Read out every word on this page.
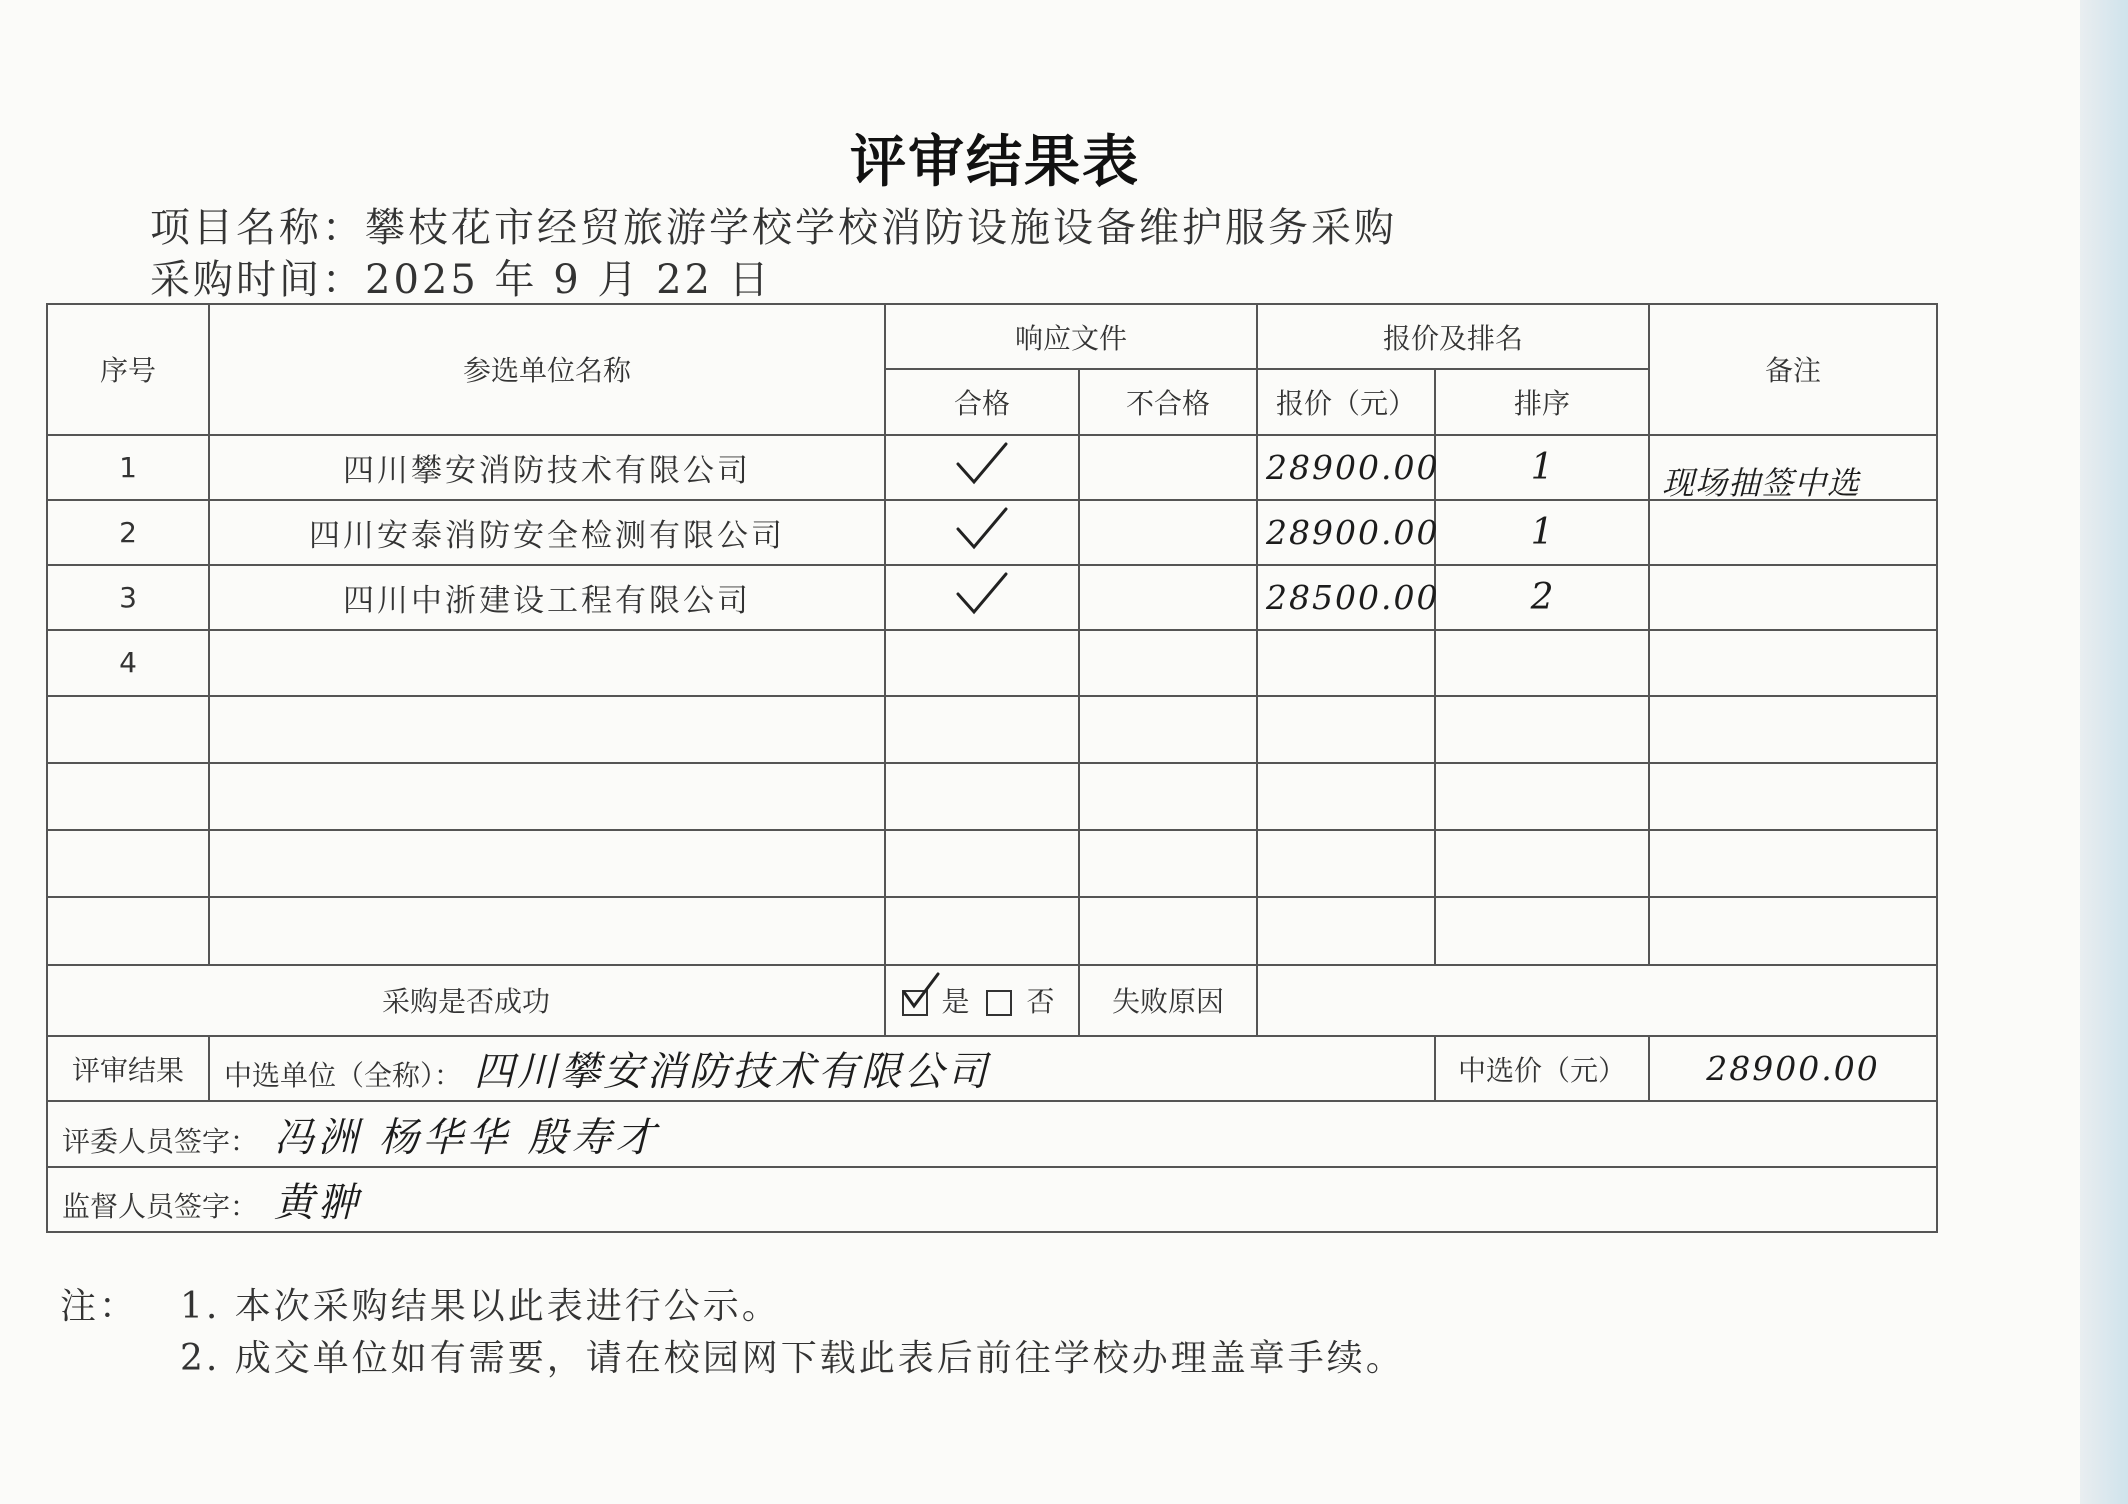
评审结果表
项目名称：攀枝花市经贸旅游学校学校消防设施设备维护服务采购
采购时间：2025 年 9 月 22 日
序号	参选单位名称	响应文件		报价及排名		备注
		合格	不合格	报价（元）	排序	
1	四川攀安消防技术有限公司			28900.00	1	现场抽签中选

2	四川安泰消防安全检测有限公司			28900.00	1	
3	四川中浙建设工程有限公司			28500.00	2	
4						

采购是否成功		是 否	失败原因			
评审结果	中选单位（全称）： 四川攀安消防技术有限公司				中选价（元）	28900.00
评委人员签字： 冯洲 杨华华 殷寿才						
监督人员签字： 黄翀						
注： 1. 本次采购结果以此表进行公示。
2. 成交单位如有需要，请在校园网下载此表后前往学校办理盖章手续。
